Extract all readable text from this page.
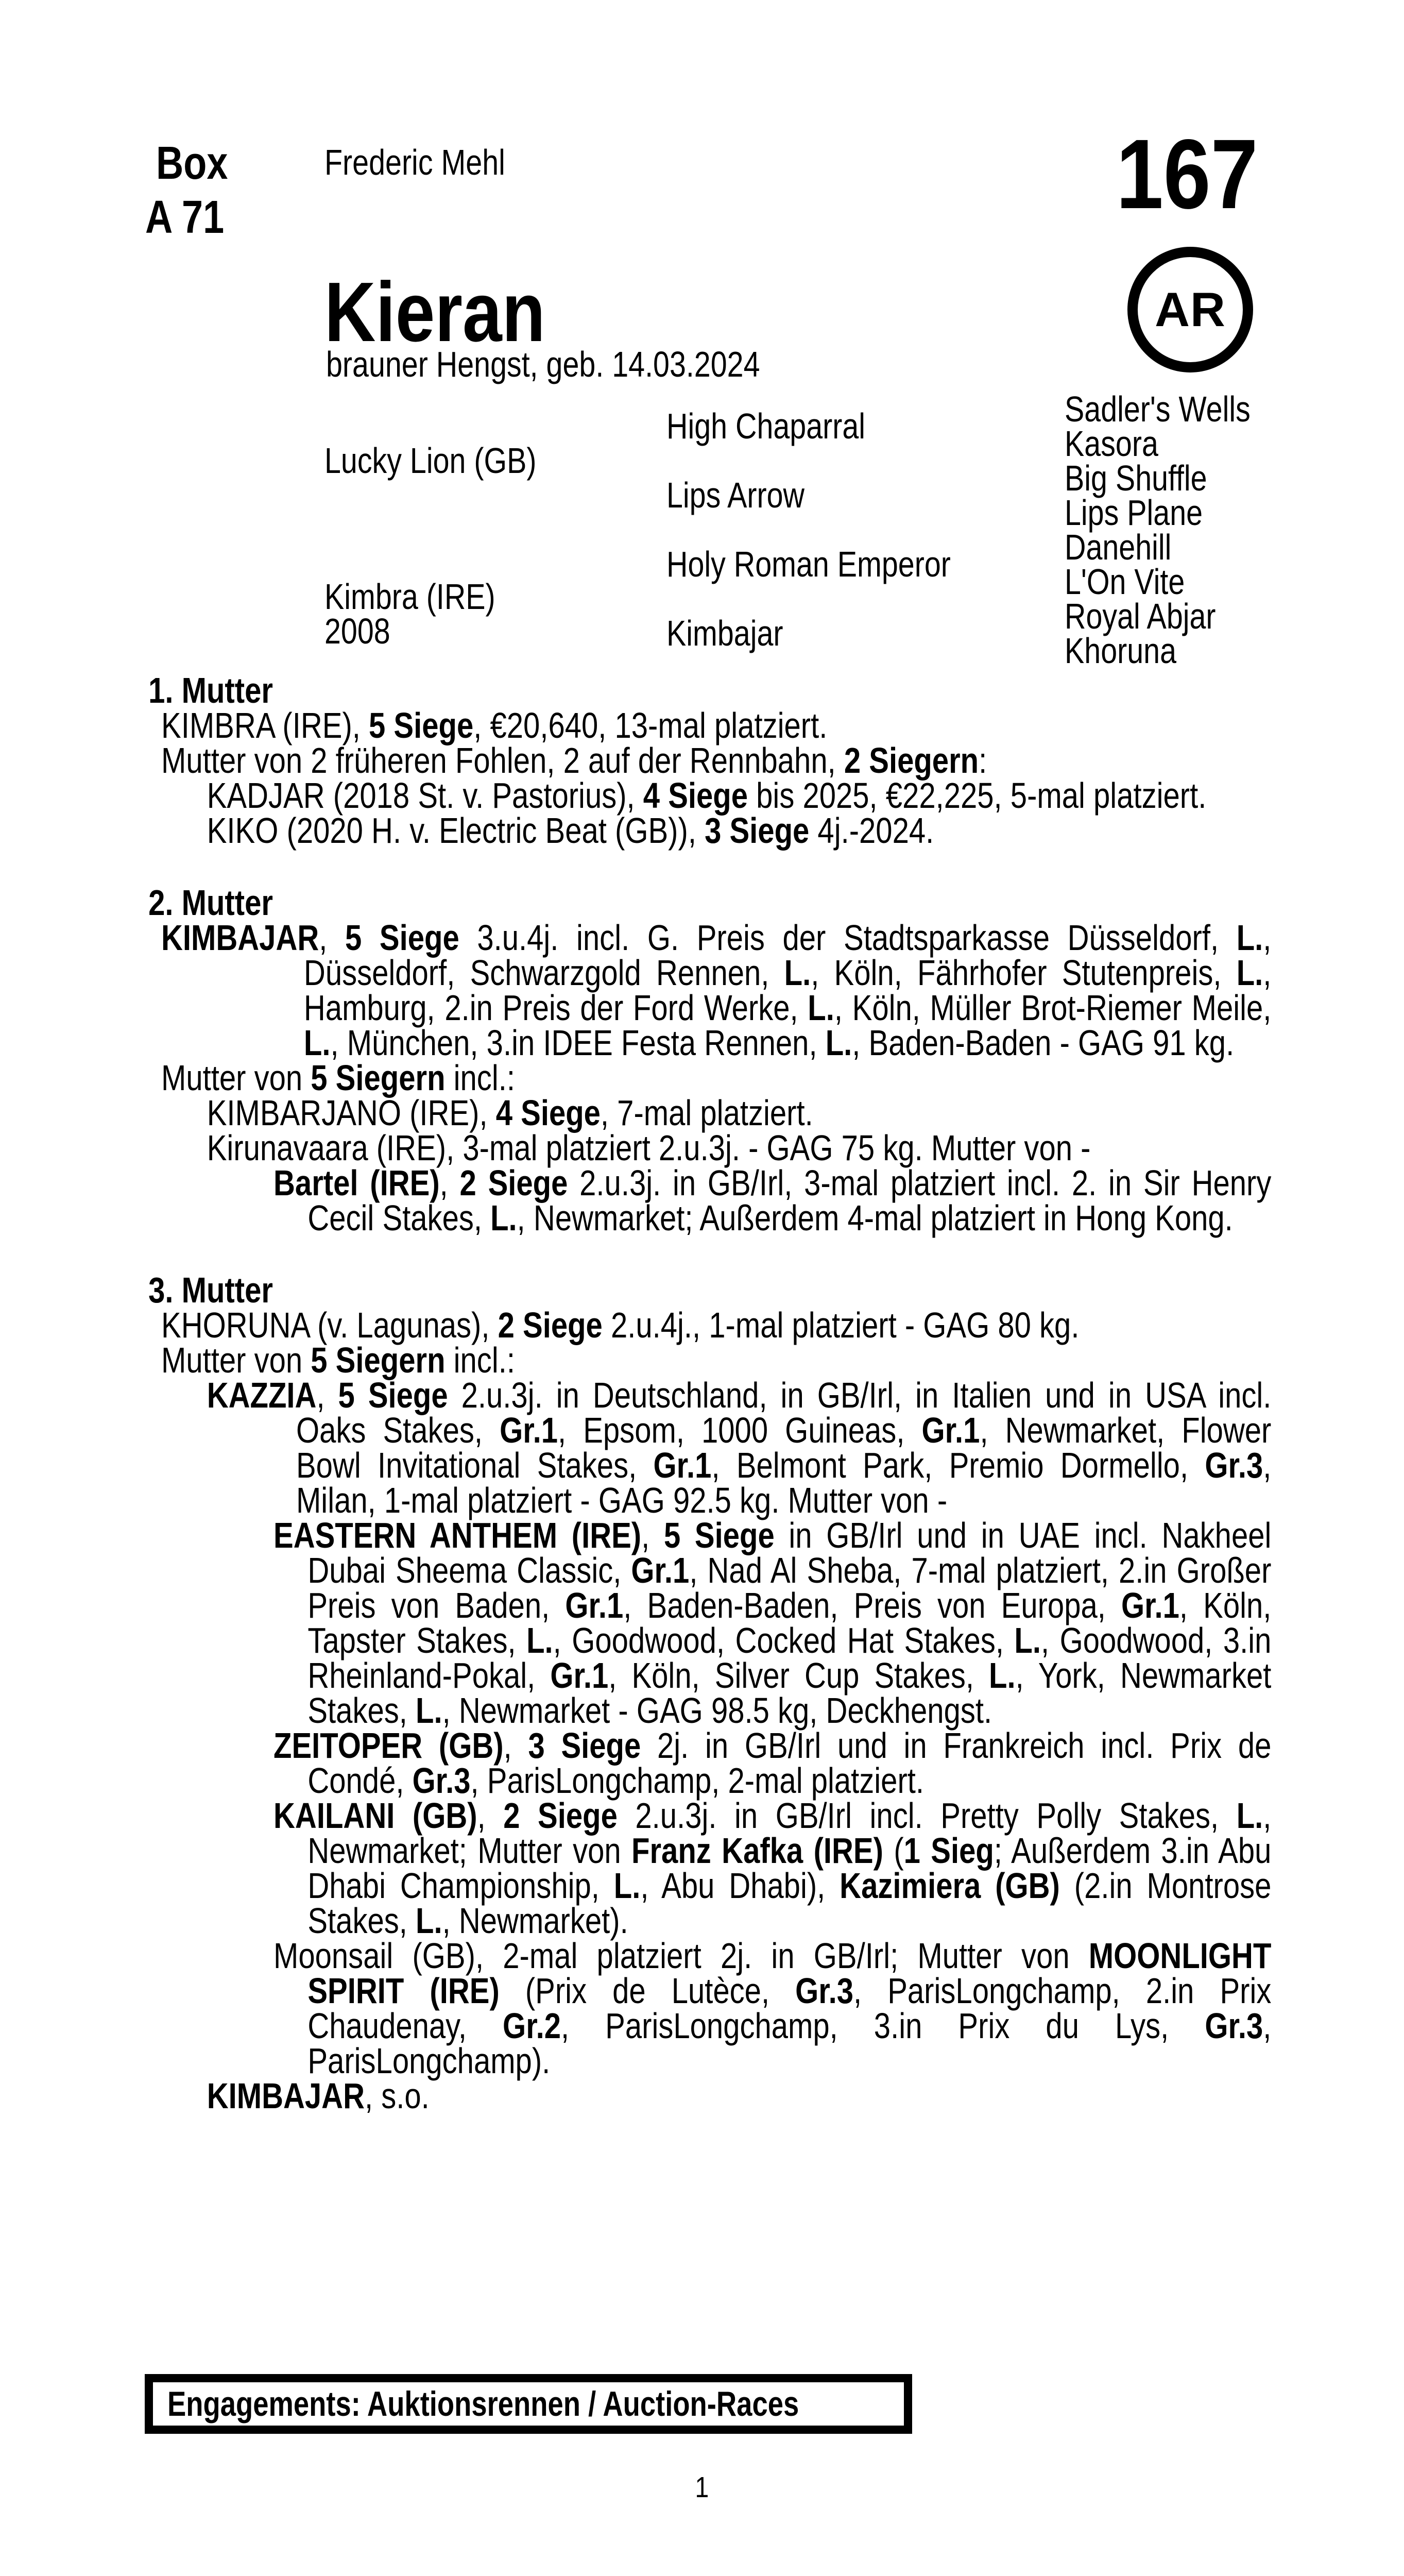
Box
A 71
Frederic Mehl	167
Kieran
brauner Hengst, geb. 14.03.2024
AR
Lucky Lion (GB)
Kimbra (IRE)
2008
High Chaparral
Lips Arrow
Holy Roman Emperor
Kimbajar
Sadler's Wells
Kasora
Big Shuffle
Lips Plane
Danehill
L'On Vite
Royal Abjar
Khoruna
1. Mutter

KIMBRA (IRE), 5 Siege, €20,640, 13-mal platziert.

Mutter von 2 früheren Fohlen, 2 auf der Rennbahn, 2 Siegern:

KADJAR (2018 St. v. Pastorius), 4 Siege bis 2025, €22,225, 5-mal platziert.

KIKO (2020 H. v. Electric Beat (GB)), 3 Siege 4j.-2024.

2. Mutter

KIMBAJAR, 5 Siege 3.u.4j. incl. G. Preis der Stadtsparkasse Düsseldorf, L., Düsseldorf, Schwarzgold Rennen, L., Köln, Fährhofer Stutenpreis, L., Hamburg, 2.in Preis der Ford Werke, L., Köln, Müller Brot-Riemer Meile, L., München, 3.in IDEE Festa Rennen, L., Baden-Baden - GAG 91 kg.

Mutter von 5 Siegern incl.:

KIMBARJANO (IRE), 4 Siege, 7-mal platziert.

Kirunavaara (IRE), 3-mal platziert 2.u.3j. - GAG 75 kg. Mutter von -

Bartel (IRE), 2 Siege 2.u.3j. in GB/Irl, 3-mal platziert incl. 2. in Sir Henry Cecil Stakes, L., Newmarket; Außerdem 4-mal platziert in Hong Kong.

3. Mutter

KHORUNA (v. Lagunas), 2 Siege 2.u.4j., 1-mal platziert - GAG 80 kg.

Mutter von 5 Siegern incl.:

KAZZIA, 5 Siege 2.u.3j. in Deutschland, in GB/Irl, in Italien und in USA incl. Oaks Stakes, Gr.1, Epsom, 1000 Guineas, Gr.1, Newmarket, Flower Bowl Invitational Stakes, Gr.1, Belmont Park, Premio Dormello, Gr.3, Milan, 1-mal platziert - GAG 92.5 kg. Mutter von -

EASTERN ANTHEM (IRE), 5 Siege in GB/Irl und in UAE incl. Nakheel Dubai Sheema Classic, Gr.1, Nad Al Sheba, 7-mal platziert, 2.in Großer Preis von Baden, Gr.1, Baden-Baden, Preis von Europa, Gr.1, Köln, Tapster Stakes, L., Goodwood, Cocked Hat Stakes, L., Goodwood, 3.in Rheinland-Pokal, Gr.1, Köln, Silver Cup Stakes, L., York, Newmarket Stakes, L., Newmarket - GAG 98.5 kg, Deckhengst.

ZEITOPER (GB), 3 Siege 2j. in GB/Irl und in Frankreich incl. Prix de Condé, Gr.3, ParisLongchamp, 2-mal platziert.

KAILANI (GB), 2 Siege 2.u.3j. in GB/Irl incl. Pretty Polly Stakes, L., Newmarket; Mutter von Franz Kafka (IRE) (1 Sieg; Außerdem 3.in Abu Dhabi Championship, L., Abu Dhabi), Kazimiera (GB) (2.in Montrose Stakes, L., Newmarket).

Moonsail (GB), 2-mal platziert 2j. in GB/Irl; Mutter von MOONLIGHT SPIRIT (IRE) (Prix de Lutèce, Gr.3, ParisLongchamp, 2.in Prix Chaudenay, Gr.2, ParisLongchamp, 3.in Prix du Lys, Gr.3, ParisLongchamp).

KIMBAJAR, s.o.

Engagements: Auktionsrennen / Auction-Races
1
